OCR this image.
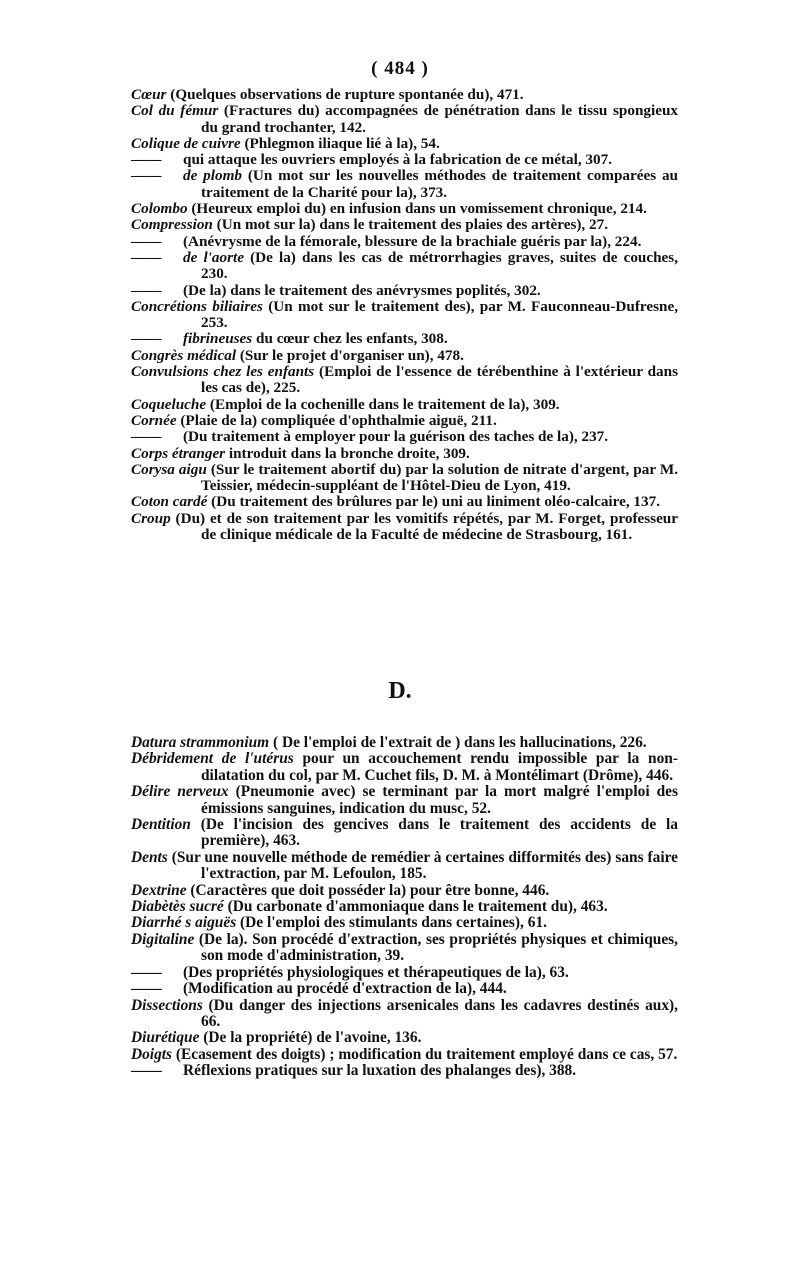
( 484 )
Cœur (Quelques observations de rupture spontanée du), 471.
Col du fémur (Fractures du) accompagnées de pénétration dans le tissu spongieux du grand trochanter, 142.
Colique de cuivre (Phlegmon iliaque lié à la), 54.
—— qui attaque les ouvriers employés à la fabrication de ce métal, 307.
—— de plomb (Un mot sur les nouvelles méthodes de traitement comparées au traitement de la Charité pour la), 373.
Colombo (Heureux emploi du) en infusion dans un vomissement chronique, 214.
Compression (Un mot sur la) dans le traitement des plaies des artères), 27.
—— (Anévrysme de la fémorale, blessure de la brachiale guéris par la), 224.
—— de l'aorte (De la) dans les cas de métrorrhagies graves, suites de couches, 230.
—— (De la) dans le traitement des anévrysmes poplités, 302.
Concrétions biliaires (Un mot sur le traitement des), par M. Fauconneau-Dufresne, 253.
—— fibrineuses du cœur chez les enfants, 308.
Congrès médical (Sur le projet d'organiser un), 478.
Convulsions chez les enfants (Emploi de l'essence de térébenthine à l'extérieur dans les cas de), 225.
Coqueluche (Emploi de la cochenille dans le traitement de la), 309.
Cornée (Plaie de la) compliquée d'ophthalmie aiguë, 211.
—— (Du traitement à employer pour la guérison des taches de la), 237.
Corps étranger introduit dans la bronche droite, 309.
Corysa aigu (Sur le traitement abortif du) par la solution de nitrate d'argent, par M. Teissier, médecin-suppléant de l'Hôtel-Dieu de Lyon, 419.
Coton cardé (Du traitement des brûlures par le) uni au liniment oléo-calcaire, 137.
Croup (Du) et de son traitement par les vomitifs répétés, par M. Forget, professeur de clinique médicale de la Faculté de médecine de Strasbourg, 161.
D.
Datura strammonium ( De l'emploi de l'extrait de ) dans les hallucinations, 226.
Débridement de l'utérus pour un accouchement rendu impossible par la non-dilatation du col, par M. Cuchet fils, D. M. à Montélimart (Drôme), 446.
Délire nerveux (Pneumonie avec) se terminant par la mort malgré l'emploi des émissions sanguines, indication du musc, 52.
Dentition (De l'incision des gencives dans le traitement des accidents de la première), 463.
Dents (Sur une nouvelle méthode de remédier à certaines difformités des) sans faire l'extraction, par M. Lefoulon, 185.
Dextrine (Caractères que doit posséder la) pour être bonne, 446.
Diabètès sucré (Du carbonate d'ammoniaque dans le traitement du), 463.
Diarrhé s aiguës (De l'emploi des stimulants dans certaines), 61.
Digitaline (De la). Son procédé d'extraction, ses propriétés physiques et chimiques, son mode d'administration, 39.
—— (Des propriétés physiologiques et thérapeutiques de la), 63.
—— (Modification au procédé d'extraction de la), 444.
Dissections (Du danger des injections arsenicales dans les cadavres destinés aux), 66.
Diurétique (De la propriété) de l'avoine, 136.
Doigts (Ecasement des doigts) ; modification du traitement employé dans ce cas, 57.
—— Réflexions pratiques sur la luxation des phalanges des), 388.
